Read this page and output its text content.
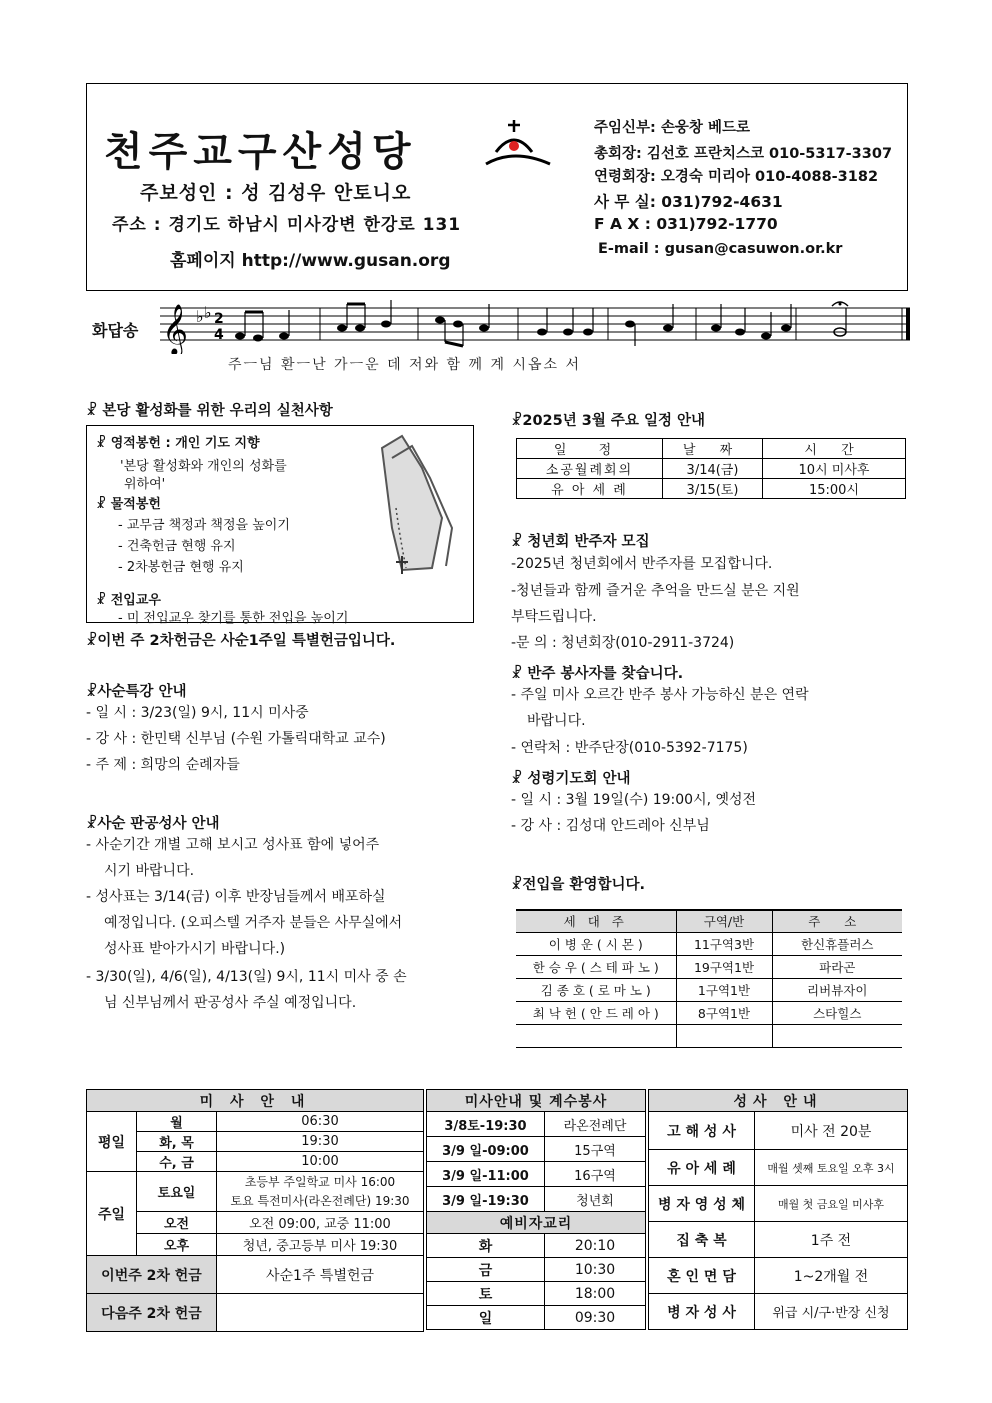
천주교구산성당
주보성인 : 성 김성우 안토니오
주소 : 경기도 하남시 미사강변 한강로 131
홈페이지 http://www.gusan.org
주임신부: 손웅창 베드로
총회장: 김선호 프란치스코 010-5317-3307
연령회장: 오경숙 미리아 010-4088-3182
사 무 실: 031)792-4631
F A X : 031)792-1770
E-mail : gusan@casuwon.or.kr
화답송 𝄞 ♭ ♭ 2
4
주ㅡ님 환ㅡ난 가ㅡ운 데 저와 함 께 계 시옵소 서
☧ 본당 활성화를 위한 우리의 실천사항
☧ 영적봉헌 : 개인 기도 지향
'본당 활성화와 개인의 성화를
위하여'
☧ 물적봉헌
- 교무금 책정과 책정을 높이기
- 건축헌금 현행 유지
- 2차봉헌금 현행 유지
☧ 전입교우
- 미 전입교우 찾기를 통한 전입을 높이기
☧이번 주 2차헌금은 사순1주일 특별헌금입니다.
☧사순특강 안내
- 일 시 : 3/23(일) 9시, 11시 미사중
- 강 사 : 한민택 신부님 (수원 가톨릭대학교 교수)
- 주 제 : 희망의 순례자들
☧사순 판공성사 안내
- 사순기간 개별 고해 보시고 성사표 함에 넣어주
시기 바랍니다.
- 성사표는 3/14(금) 이후 반장님들께서 배포하실
예정입니다. (오피스텔 거주자 분들은 사무실에서
성사표 받아가시기 바랍니다.)
- 3/30(일), 4/6(일), 4/13(일) 9시, 11시 미사 중 손
님 신부님께서 판공성사 주실 예정입니다.
☧2025년 3월 주요 일정 안내
일 정	날 짜	시 간
소공월례회의	3/14(금)	10시 미사후
유 아 세 례	3/15(토)	15:00시
☧ 청년회 반주자 모집
-2025년 청년회에서 반주자를 모집합니다.
-청년들과 함께 즐거운 추억을 만드실 분은 지원
부탁드립니다.
-문 의 : 청년회장(010-2911-3724)
☧ 반주 봉사자를 찾습니다.
- 주일 미사 오르간 반주 봉사 가능하신 분은 연락
바랍니다.
- 연락처 : 반주단장(010-5392-7175)
☧ 성령기도회 안내
- 일 시 : 3월 19일(수) 19:00시, 옛성전
- 강 사 : 김성대 안드레아 신부님
☧전입을 환영합니다.
세 대 주	구역/반	주 소
이 병 운 ( 시 몬 )	11구역3반	한신휴플러스
한 승 우 ( 스 테 파 노 )	19구역1반	파라곤
김 종 호 ( 로 마 노 )	1구역1반	리버뷰자이
최 낙 헌 ( 안 드 레 아 )	8구역1반	스타힐스

미 사 안 내		
평일	월	06:30
	화, 목	19:30
	수, 금	10:00
주일	토요일	초등부 주일학교 미사 16:00
토요 특전미사(라온전례단) 19:30

	오전	오전 09:00, 교중 11:00
	오후	청년, 중고등부 미사 19:30
이번주 2차 헌금		사순1주 특별헌금
다음주 2차 헌금		
미사안내 및 계수봉사	
3/8토-19:30	라온전례단
3/9 일-09:00	15구역
3/9 일-11:00	16구역
3/9 일-19:30	청년회
예비자교리	
화	20:10
금	10:30
토	18:00
일	09:30
성사 안내	
고 해 성 사	미사 전 20분
유 아 세 례	매월 셋째 토요일 오후 3시
병 자 영 성 체	매월 첫 금요일 미사후
집 축 복	1주 전
혼 인 면 담	1~2개월 전
병 자 성 사	위급 시/구·반장 신청
